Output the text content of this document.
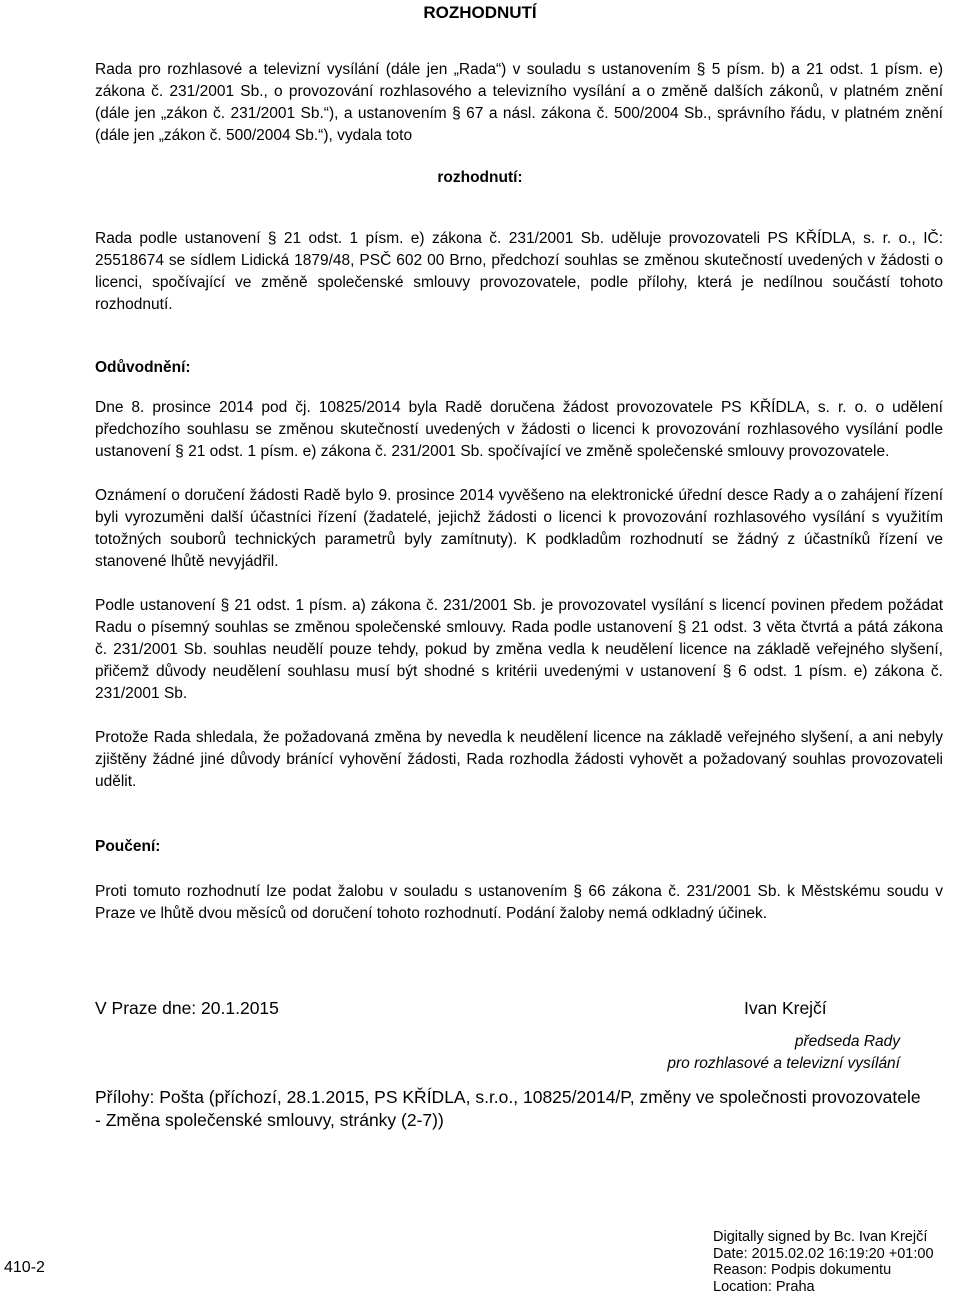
ROZHODNUTÍ

Rada pro rozhlasové a televizní vysílání (dále jen „Rada“) v souladu s ustanovením § 5 písm. b) a 21 odst. 1 písm. e) zákona č. 231/2001 Sb., o provozování rozhlasového a televizního vysílání a o změně dalších zákonů, v platném znění (dále jen „zákon č. 231/2001 Sb.“), a ustanovením § 67 a násl. zákona č. 500/2004 Sb., správního řádu, v platném znění (dále jen „zákon č. 500/2004 Sb.“), vydala toto

rozhodnutí:

Rada podle ustanovení § 21 odst. 1 písm. e) zákona č. 231/2001 Sb. uděluje provozovateli PS KŘÍDLA, s. r. o., IČ: 25518674 se sídlem Lidická 1879/48, PSČ 602 00 Brno, předchozí souhlas se změnou skutečností uvedených v žádosti o licenci, spočívající ve změně společenské smlouvy provozovatele, podle přílohy, která je nedílnou součástí tohoto rozhodnutí.

Odůvodnění:

Dne 8. prosince 2014 pod čj. 10825/2014 byla Radě doručena žádost provozovatele PS KŘÍDLA, s. r. o. o udělení předchozího souhlasu se změnou skutečností uvedených v žádosti o licenci k provozování rozhlasového vysílání podle ustanovení § 21 odst. 1 písm. e) zákona č. 231/2001 Sb. spočívající ve změně společenské smlouvy provozovatele.

Oznámení o doručení žádosti Radě bylo 9. prosince 2014 vyvěšeno na elektronické úřední desce Rady a o zahájení řízení byli vyrozuměni další účastníci řízení (žadatelé, jejichž žádosti o licenci k provozování rozhlasového vysílání s využitím totožných souborů technických parametrů byly zamítnuty). K podkladům rozhodnutí se žádný z účastníků řízení ve stanovené lhůtě nevyjádřil.

Podle ustanovení § 21 odst. 1 písm. a) zákona č. 231/2001 Sb. je provozovatel vysílání s licencí povinen předem požádat Radu o písemný souhlas se změnou společenské smlouvy. Rada podle ustanovení § 21 odst. 3 věta čtvrtá a pátá zákona č. 231/2001 Sb. souhlas neudělí pouze tehdy, pokud by změna vedla k neudělení licence na základě veřejného slyšení, přičemž důvody neudělení souhlasu musí být shodné s kritérii uvedenými v ustanovení § 6 odst. 1 písm. e) zákona č. 231/2001 Sb.

Protože Rada shledala, že požadovaná změna by nevedla k neudělení licence na základě veřejného slyšení, a ani nebyly zjištěny žádné jiné důvody bránící vyhovění žádosti, Rada rozhodla žádosti vyhovět a požadovaný souhlas provozovateli udělit.

Poučení:

Proti tomuto rozhodnutí lze podat žalobu v souladu s ustanovením § 66 zákona č. 231/2001 Sb. k Městskému soudu v Praze ve lhůtě dvou měsíců od doručení tohoto rozhodnutí. Podání žaloby nemá odkladný účinek.

V Praze dne: 20.1.2015	Ivan Krejčí
předseda Rady
pro rozhlasové a televizní vysílání
Přílohy: Pošta (příchozí, 28.1.2015, PS KŘÍDLA, s.r.o., 10825/2014/P, změny ve společnosti provozovatele - Změna společenské smlouvy, stránky (2-7))
Digitally signed by Bc. Ivan Krejčí
Date: 2015.02.02 16:19:20 +01:00
Reason: Podpis dokumentu
Location: Praha
410-2
